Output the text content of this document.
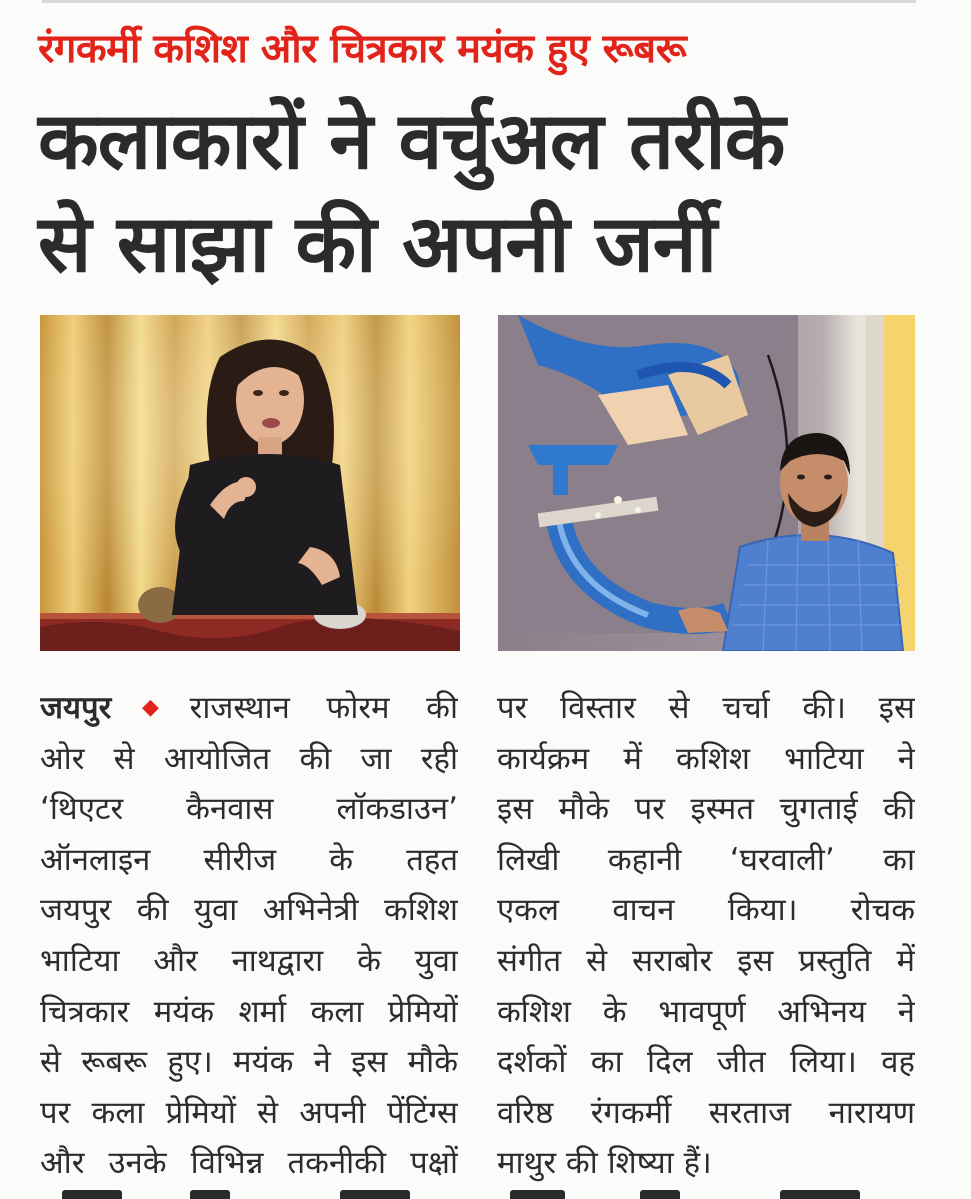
रंगकर्मी कशिश और चित्रकार मयंक हुए रूबरू
कलाकारों ने वर्चुअल तरीके
से साझा की अपनी जर्नी
जयपुर ◆ राजस्थान फोरम की
ओर से आयोजित की जा रही
‘थिएटर कैनवास लॉकडाउन’
ऑनलाइन सीरीज के तहत
जयपुर की युवा अभिनेत्री कशिश
भाटिया और नाथद्वारा के युवा
चित्रकार मयंक शर्मा कला प्रेमियों
से रूबरू हुए। मयंक ने इस मौके
पर कला प्रेमियों से अपनी पेंटिंग्स
और उनके विभिन्न तकनीकी पक्षों
पर विस्तार से चर्चा की। इस
कार्यक्रम में कशिश भाटिया ने
इस मौके पर इस्मत चुगताई की
लिखी कहानी ‘घरवाली’ का
एकल वाचन किया। रोचक
संगीत से सराबोर इस प्रस्तुति में
कशिश के भावपूर्ण अभिनय ने
दर्शकों का दिल जीत लिया। वह
वरिष्ठ रंगकर्मी सरताज नारायण
माथुर की शिष्या हैं।
